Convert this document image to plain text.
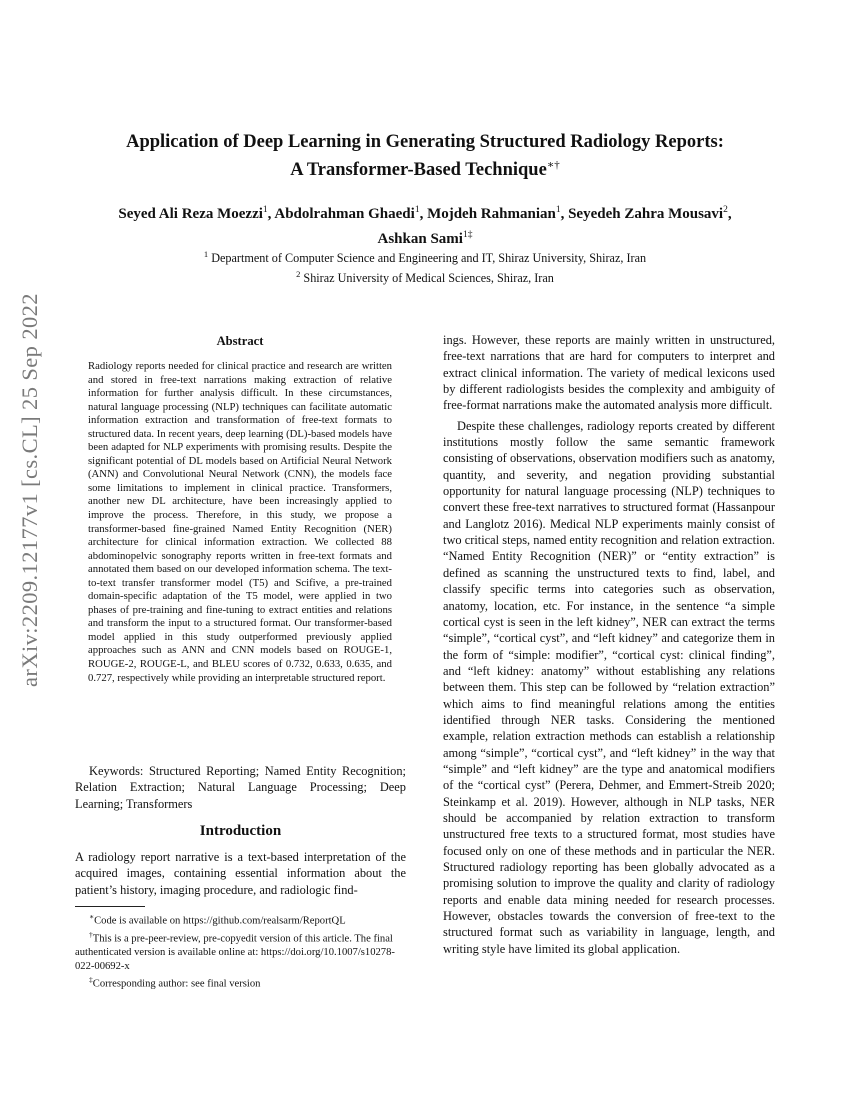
arXiv:2209.12177v1 [cs.CL] 25 Sep 2022
Application of Deep Learning in Generating Structured Radiology Reports:
A Transformer-Based Technique∗†
Seyed Ali Reza Moezzi$^1$, Abdolrahman Ghaedi$^1$, Mojdeh Rahmanian$^1$, Seyedeh Zahra Mousavi$^2$,
Ashkan Sami$^{1\ddagger}$
$^1$ Department of Computer Science and Engineering and IT, Shiraz University, Shiraz, Iran
$^2$ Shiraz University of Medical Sciences, Shiraz, Iran
Abstract

Radiology reports needed for clinical practice and research are written and stored in free-text narrations making extraction of relative information for further analysis difficult. In these circumstances, natural language processing (NLP) techniques can facilitate automatic information extraction and transformation of free-text formats to structured data. In recent years, deep learning (DL)-based models have been adapted for NLP experiments with promising results. Despite the significant potential of DL models based on Artificial Neural Network (ANN) and Convolutional Neural Network (CNN), the models face some limitations to implement in clinical practice. Transformers, another new DL architecture, have been increasingly applied to improve the process. Therefore, in this study, we propose a transformer-based fine-grained Named Entity Recognition (NER) architecture for clinical information extraction. We collected 88 abdominopelvic sonography reports written in free-text formats and annotated them based on our developed information schema. The text-to-text transfer transformer model (T5) and Scifive, a pre-trained domain-specific adaptation of the T5 model, were applied in two phases of pre-training and fine-tuning to extract entities and relations and transform the input to a structured format. Our transformer-based model applied in this study outperformed previously applied approaches such as ANN and CNN models based on ROUGE-1, ROUGE-2, ROUGE-L, and BLEU scores of 0.732, 0.633, 0.635, and 0.727, respectively while providing an interpretable structured report.

Keywords: Structured Reporting; Named Entity Recognition; Relation Extraction; Natural Language Processing; Deep Learning; Transformers
Introduction

A radiology report narrative is a text-based interpretation of the acquired images, containing essential information about the patient’s history, imaging procedure, and radiologic find-

∗Code is available on https://github.com/realsarm/ReportQL

†This is a pre-peer-review, pre-copyedit version of this article. The final authenticated version is available online at: https://doi.org/10.1007/s10278-022-00692-x

‡Corresponding author: see final version

ings. However, these reports are mainly written in unstructured, free-text narrations that are hard for computers to interpret and extract clinical information. The variety of medical lexicons used by different radiologists besides the complexity and ambiguity of free-format narrations make the automated analysis more difficult.

Despite these challenges, radiology reports created by different institutions mostly follow the same semantic framework consisting of observations, observation modifiers such as anatomy, quantity, and severity, and negation providing substantial opportunity for natural language processing (NLP) techniques to convert these free-text narratives to structured format (Hassanpour and Langlotz 2016). Medical NLP experiments mainly consist of two critical steps, named entity recognition and relation extraction. “Named Entity Recognition (NER)” or “entity extraction” is defined as scanning the unstructured texts to find, label, and classify specific terms into categories such as observation, anatomy, location, etc. For instance, in the sentence “a simple cortical cyst is seen in the left kidney”, NER can extract the terms “simple”, “cortical cyst”, and “left kidney” and categorize them in the form of “simple: modifier”, “cortical cyst: clinical finding”, and “left kidney: anatomy” without establishing any relations between them. This step can be followed by “relation extraction” which aims to find meaningful relations among the entities identified through NER tasks. Considering the mentioned example, relation extraction methods can establish a relationship among “simple”, “cortical cyst”, and “left kidney” in the way that “simple” and “left kidney” are the type and anatomical modifiers of the “cortical cyst” (Perera, Dehmer, and Emmert-Streib 2020; Steinkamp et al. 2019). However, although in NLP tasks, NER should be accompanied by relation extraction to transform unstructured free texts to a structured format, most studies have focused only on one of these methods and in particular the NER. Structured radiology reporting has been globally advocated as a promising solution to improve the quality and clarity of radiology reports and enable data mining needed for research processes. However, obstacles towards the conversion of free-text to the structured format such as variability in language, length, and writing style have limited its global application.
